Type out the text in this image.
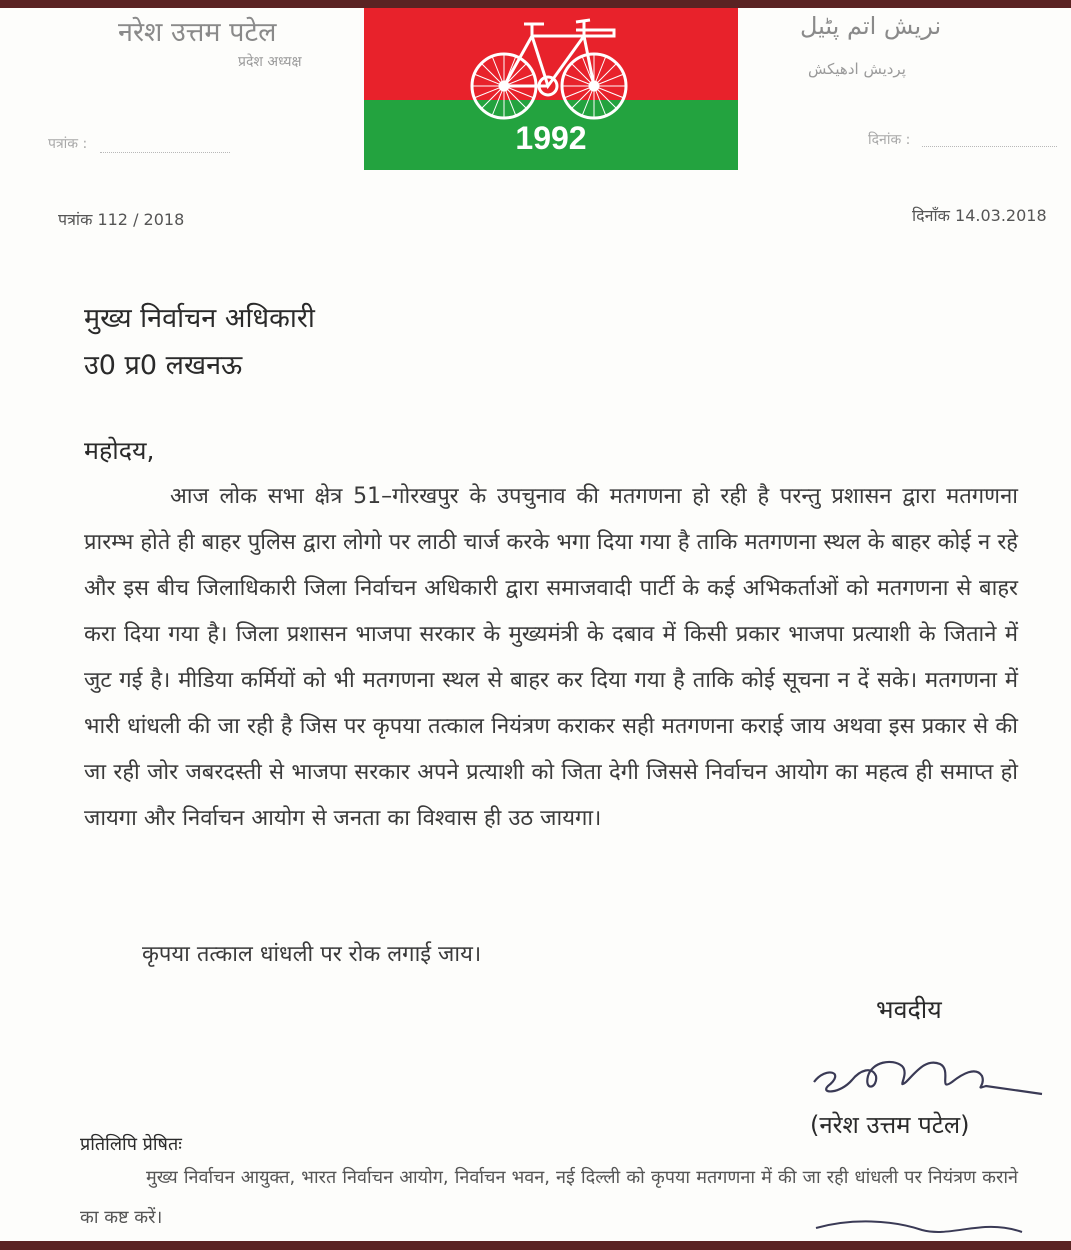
नरेश उत्तम पटेल
प्रदेश अध्यक्ष
نریش اتم پٹیل
پردیش ادھیکش
पत्रांक :	दिनांक :
1992
पत्रांक 112 / 2018	दिनाँक 14.03.2018
मुख्य निर्वाचन अधिकारी
उ0 प्र0 लखनऊ
महोदय,
आज लोक सभा क्षेत्र 51–गोरखपुर के उपचुनाव की मतगणना हो रही है परन्तु प्रशासन द्वारा मतगणना प्रारम्भ होते ही बाहर पुलिस द्वारा लोगो पर लाठी चार्ज करके भगा दिया गया है ताकि मतगणना स्थल के बाहर कोई न रहे और इस बीच जिलाधिकारी जिला निर्वाचन अधिकारी द्वारा समाजवादी पार्टी के कई अभिकर्ताओं को मतगणना से बाहर करा दिया गया है। जिला प्रशासन भाजपा सरकार के मुख्यमंत्री के दबाव में किसी प्रकार भाजपा प्रत्याशी के जिताने में जुट गई है। मीडिया कर्मियों को भी मतगणना स्थल से बाहर कर दिया गया है ताकि कोई सूचना न दें सके। मतगणना में भारी धांधली की जा रही है जिस पर कृपया तत्काल नियंत्रण कराकर सही मतगणना कराई जाय अथवा इस प्रकार से की जा रही जोर जबरदस्ती से भाजपा सरकार अपने प्रत्याशी को जिता देगी जिससे निर्वाचन आयोग का महत्व ही समाप्त हो जायगा और निर्वाचन आयोग से जनता का विश्वास ही उठ जायगा।
कृपया तत्काल धांधली पर रोक लगाई जाय।
भवदीय
(नरेश उत्तम पटेल)
प्रतिलिपि प्रेषितः
मुख्य निर्वाचन आयुक्त, भारत निर्वाचन आयोग, निर्वाचन भवन, नई दिल्ली को कृपया मतगणना में की जा रही धांधली पर नियंत्रण कराने का कष्ट करें।
